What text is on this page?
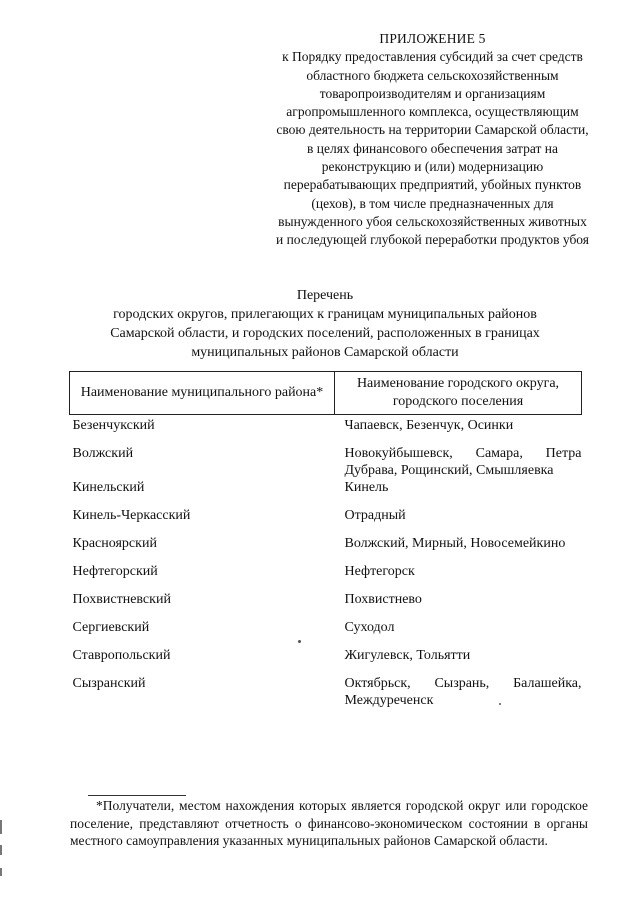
ПРИЛОЖЕНИЕ 5
к Порядку предоставления субсидий за счет средств
областного бюджета сельскохозяйственным
товаропроизводителям и организациям
агропромышленного комплекса, осуществляющим
свою деятельность на территории Самарской области,
в целях финансового обеспечения затрат на
реконструкцию и (или) модернизацию
перерабатывающих предприятий, убойных пунктов
(цехов), в том числе предназначенных для
вынужденного убоя сельскохозяйственных животных
и последующей глубокой переработки продуктов убоя
Перечень
городских округов, прилегающих к границам муниципальных районов
Самарской области, и городских поселений, расположенных в границах
муниципальных районов Самарской области
Наименование муниципального района*	Наименование городского округа, городского поселения
Безенчукский	Чапаевск, Безенчук, Осинки
Волжский	Новокуйбышевск, Самара, Петра Дубрава, Рощинский, Смышляевка
Кинельский	Кинель
Кинель-Черкасский	Отрадный
Красноярский	Волжский, Мирный, Новосемейкино
Нефтегорский	Нефтегорск
Похвистневский	Похвистнево
Сергиевский	Суходол
Ставропольский	Жигулевск, Тольятти
Сызранский	Октябрьск, Сызрань, Балашейка, Междуреченск
*Получатели, местом нахождения которых является городской округ или городское поселение, представляют отчетность о финансово-экономическом состоянии в органы местного самоуправления указанных муниципальных районов Самарской области.
